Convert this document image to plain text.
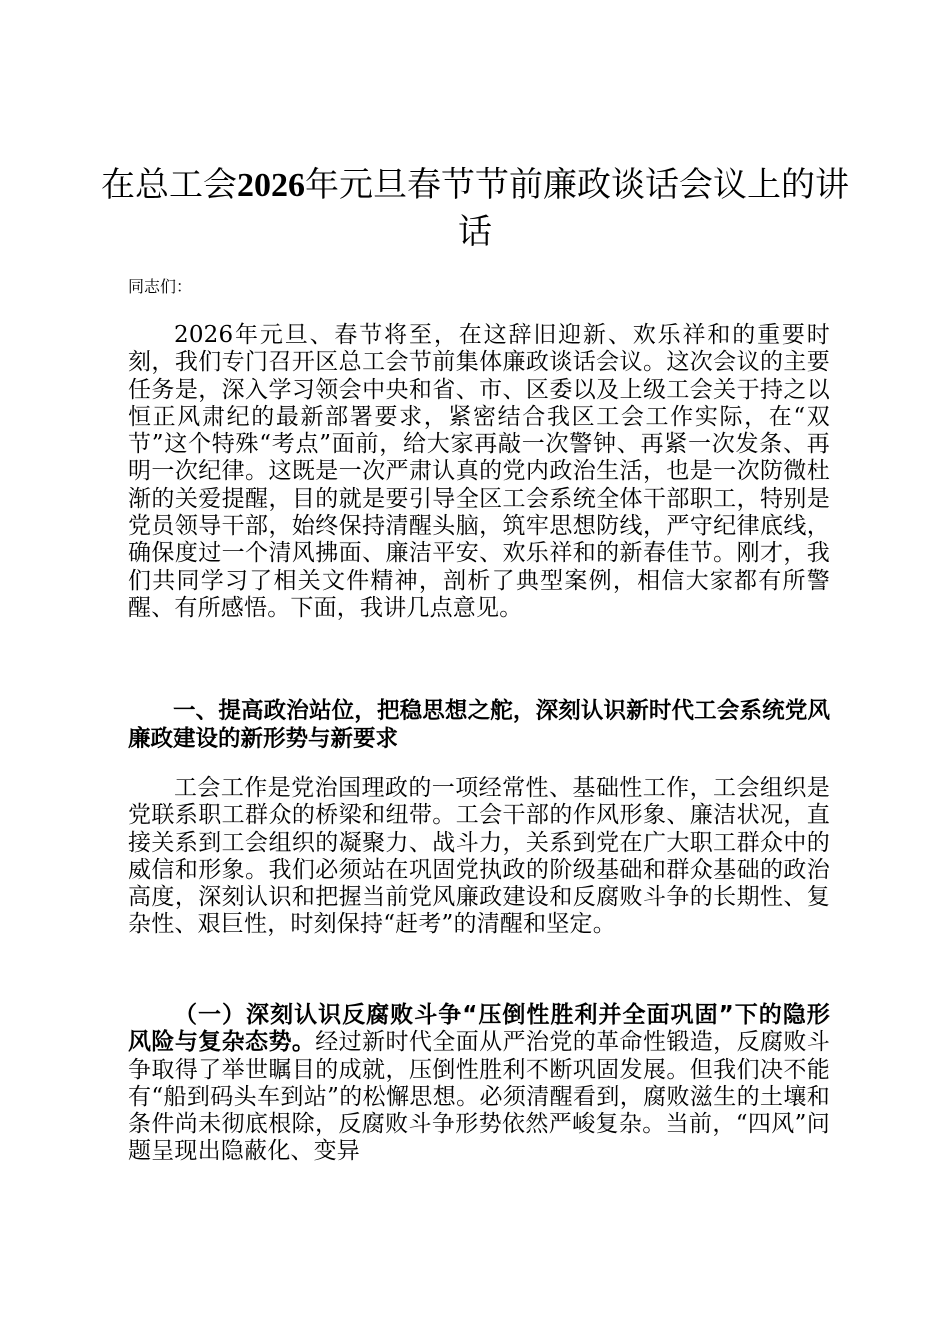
在总工会2026年元旦春节节前廉政谈话会议上的讲话

同志们：

2026年元旦、春节将至，在这辞旧迎新、欢乐祥和的重要时刻，我们专门召开区总工会节前集体廉政谈话会议。这次会议的主要任务是，深入学习领会中央和省、市、区委以及上级工会关于持之以恒正风肃纪的最新部署要求，紧密结合我区工会工作实际，在“双节”这个特殊“考点”面前，给大家再敲一次警钟、再紧一次发条、再明一次纪律。这既是一次严肃认真的党内政治生活，也是一次防微杜渐的关爱提醒，目的就是要引导全区工会系统全体干部职工，特别是党员领导干部，始终保持清醒头脑，筑牢思想防线，严守纪律底线，确保度过一个清风拂面、廉洁平安、欢乐祥和的新春佳节。刚才，我们共同学习了相关文件精神，剖析了典型案例，相信大家都有所警醒、有所感悟。下面，我讲几点意见。

一、提高政治站位，把稳思想之舵，深刻认识新时代工会系统党风廉政建设的新形势与新要求

工会工作是党治国理政的一项经常性、基础性工作，工会组织是党联系职工群众的桥梁和纽带。工会干部的作风形象、廉洁状况，直接关系到工会组织的凝聚力、战斗力，关系到党在广大职工群众中的威信和形象。我们必须站在巩固党执政的阶级基础和群众基础的政治高度，深刻认识和把握当前党风廉政建设和反腐败斗争的长期性、复杂性、艰巨性，时刻保持“赶考”的清醒和坚定。

（一）深刻认识反腐败斗争“压倒性胜利并全面巩固”下的隐形风险与复杂态势。经过新时代全面从严治党的革命性锻造，反腐败斗争取得了举世瞩目的成就，压倒性胜利不断巩固发展。但我们决不能有“船到码头车到站”的松懈思想。必须清醒看到，腐败滋生的土壤和条件尚未彻底根除，反腐败斗争形势依然严峻复杂。当前，“四风”问题呈现出隐蔽化、变异
